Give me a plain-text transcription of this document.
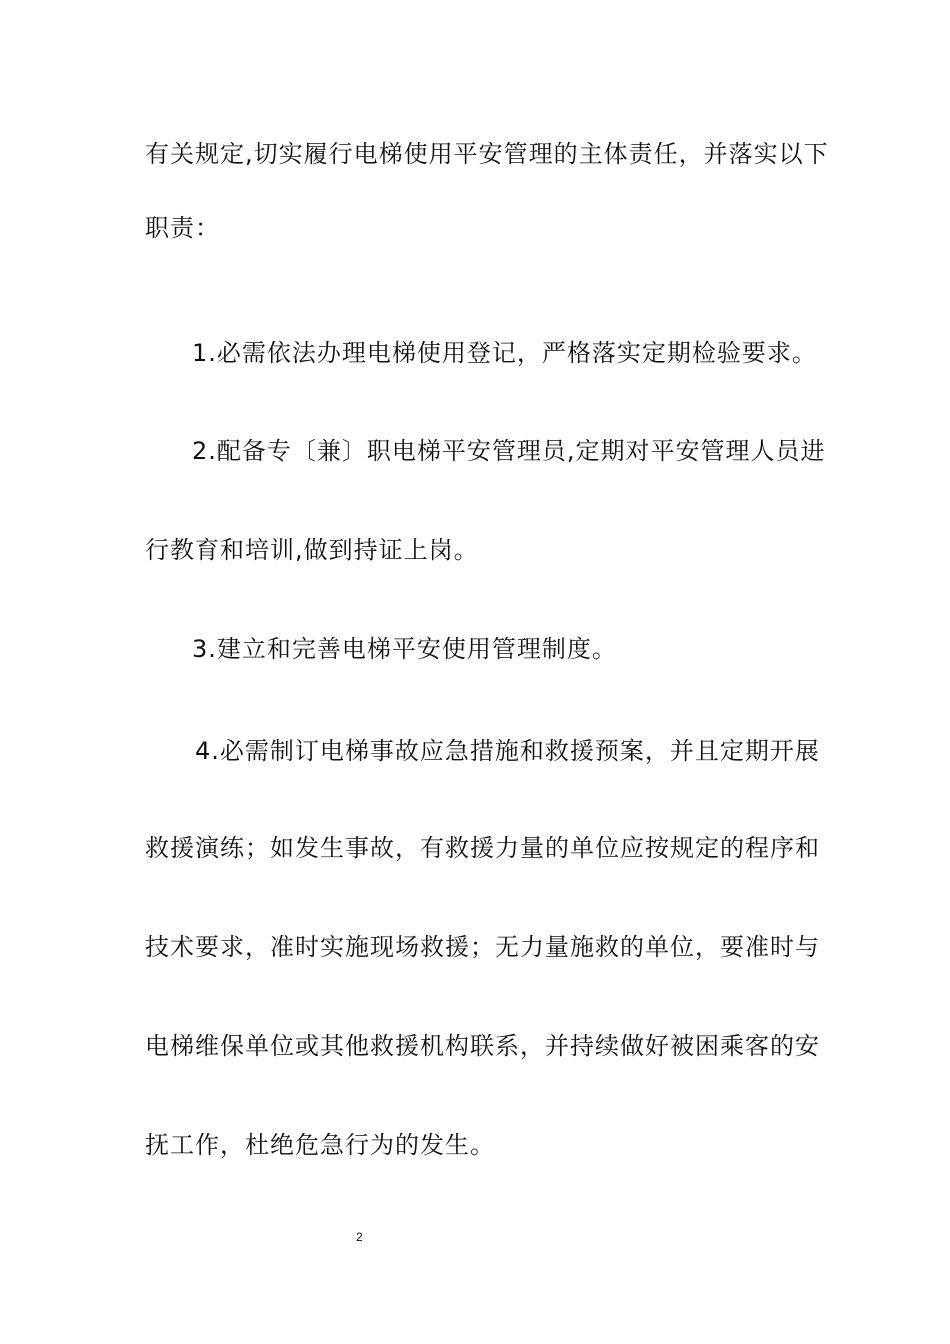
有关规定,切实履行电梯使用平安管理的主体责任，并落实以下

职责：

1.必需依法办理电梯使用登记，严格落实定期检验要求。

2.配备专〔兼〕职电梯平安管理员,定期对平安管理人员进

行教育和培训,做到持证上岗。

3.建立和完善电梯平安使用管理制度。

4.必需制订电梯事故应急措施和救援预案，并且定期开展

救援演练；如发生事故，有救援力量的单位应按规定的程序和

技术要求，准时实施现场救援；无力量施救的单位，要准时与

电梯维保单位或其他救援机构联系，并持续做好被困乘客的安

抚工作，杜绝危急行为的发生。

2
